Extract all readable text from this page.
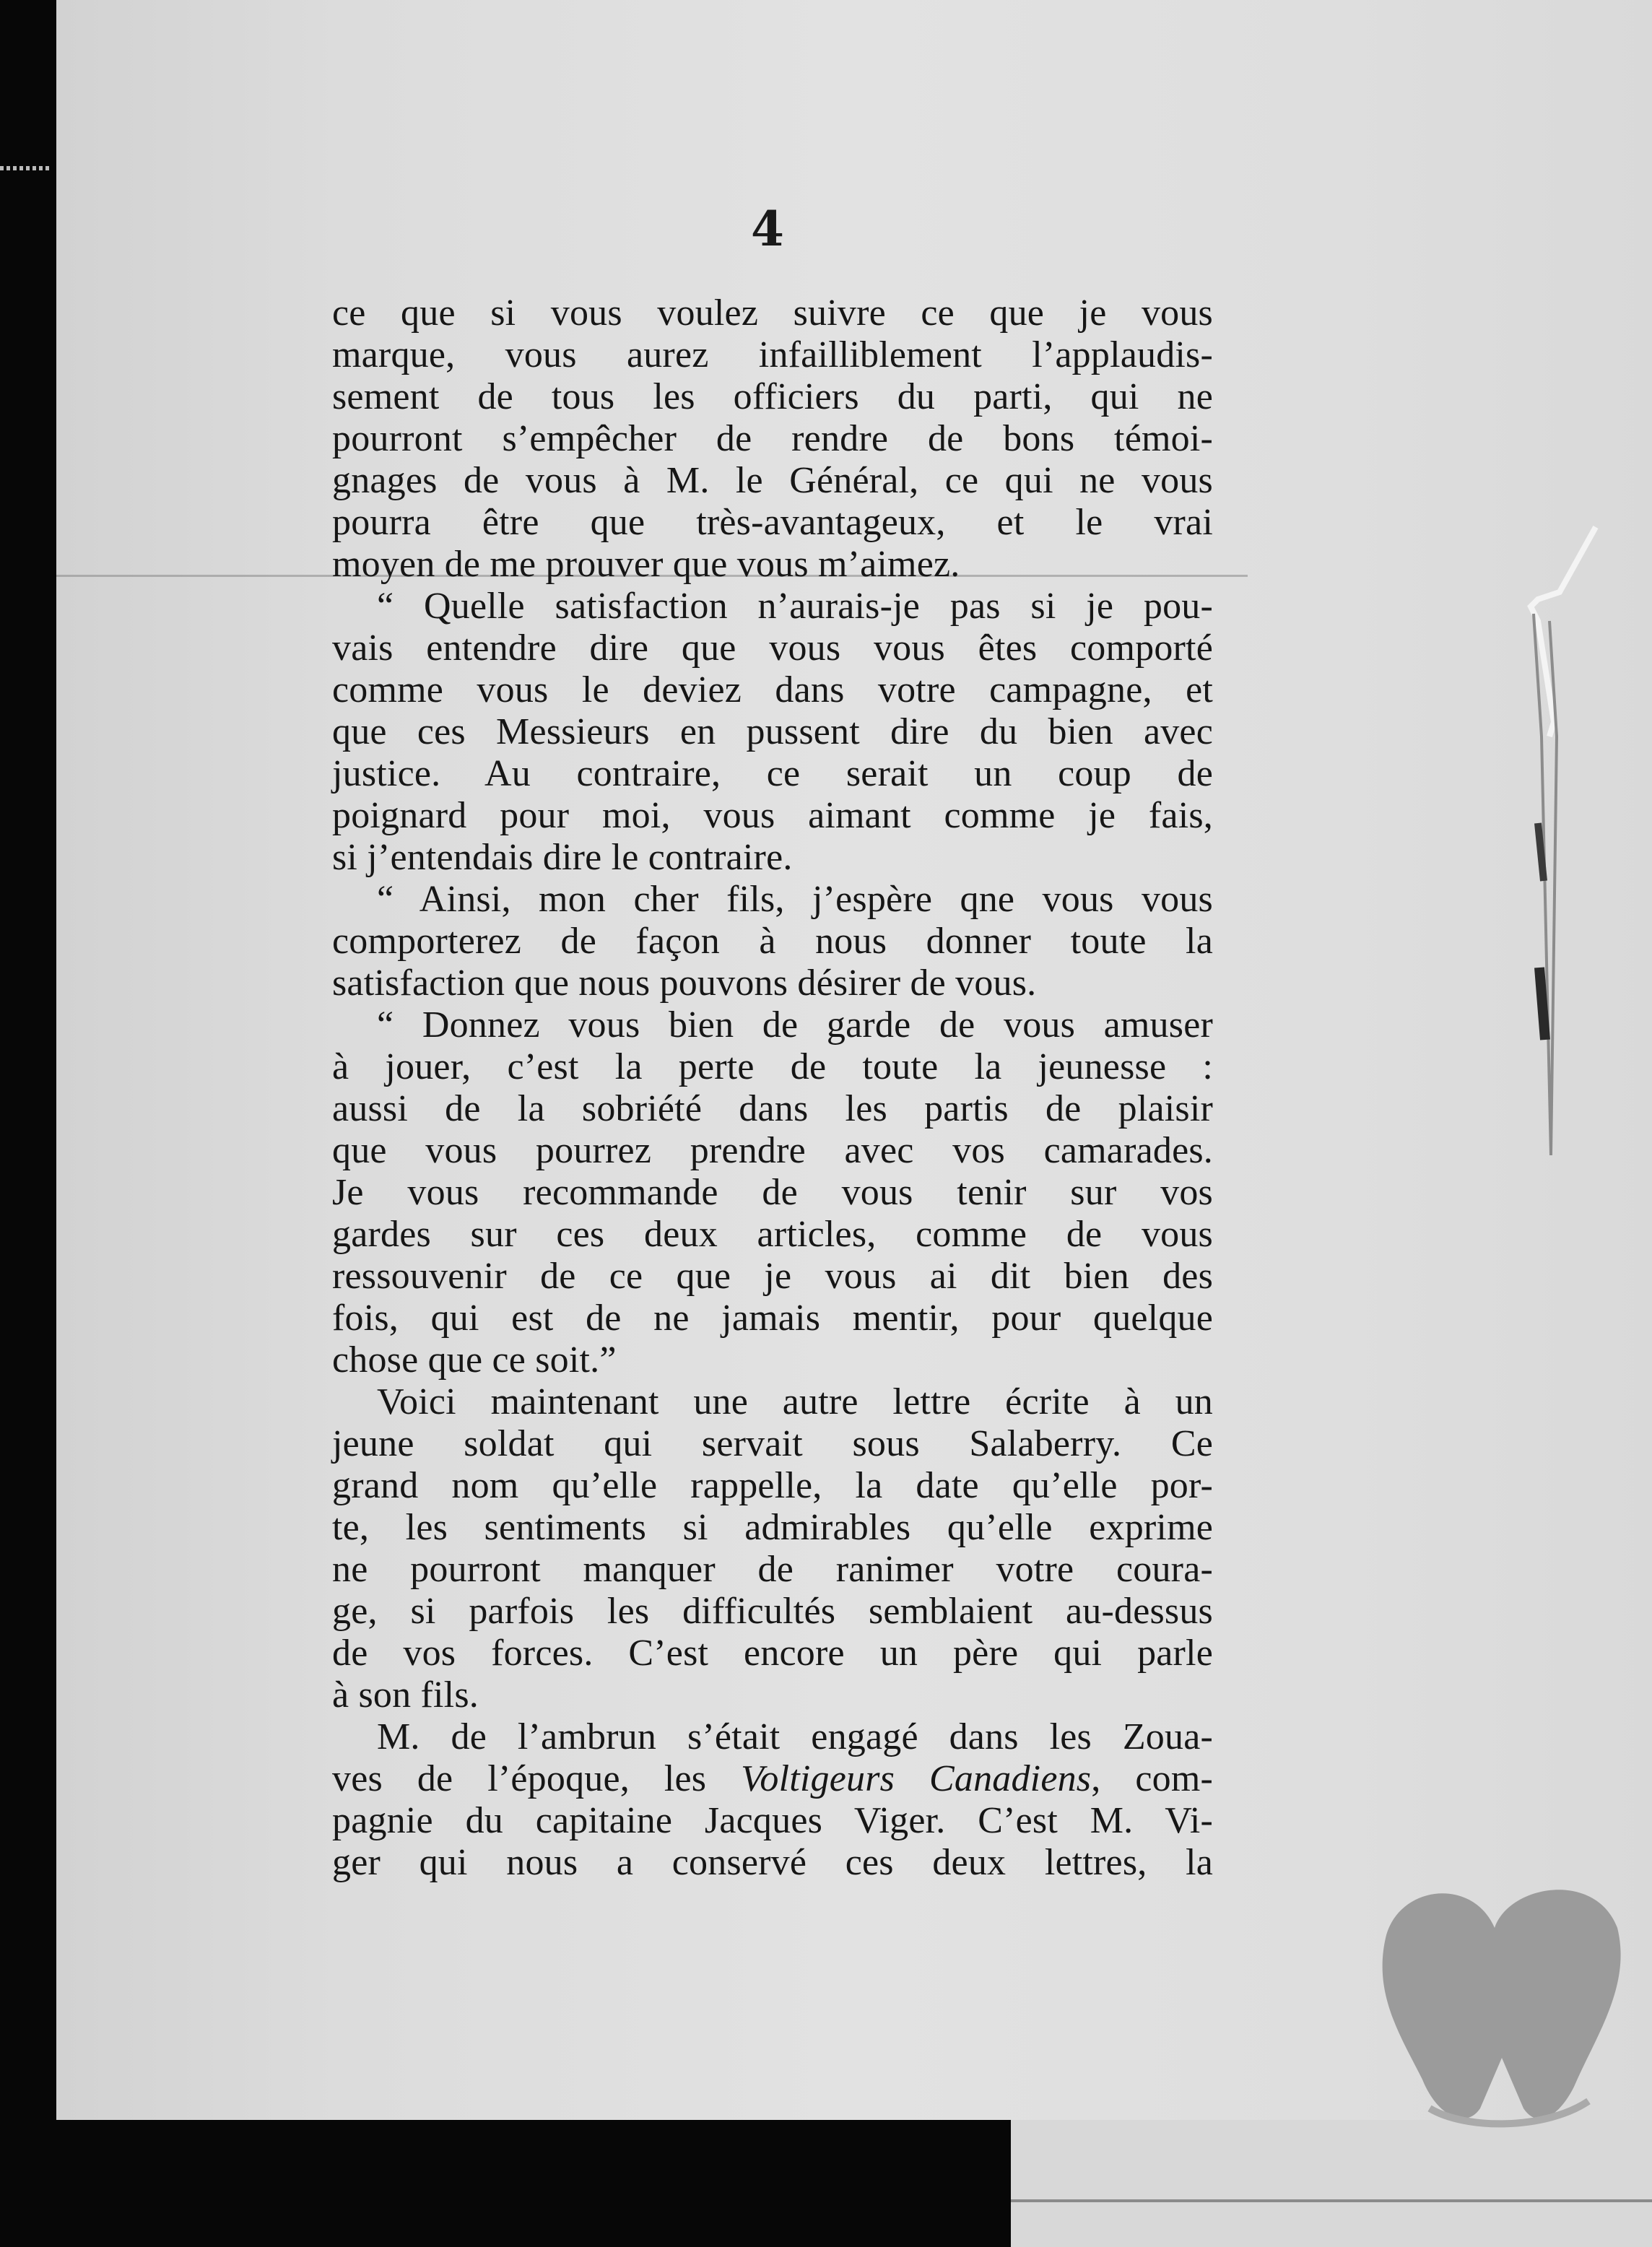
4
ce que si vous voulez suivre ce que je vous
marque, vous aurez infailliblement l’applaudis-
sement de tous les officiers du parti, qui ne
pourront s’empêcher de rendre de bons témoi-
gnages de vous à M. le Général, ce qui ne vous
pourra être que très-avantageux, et le vrai
moyen de me prouver que vous m’aimez.
“ Quelle satisfaction n’aurais-je pas si je pou-
vais entendre dire que vous vous êtes comporté
comme vous le deviez dans votre campagne, et
que ces Messieurs en pussent dire du bien avec
justice. Au contraire, ce serait un coup de
poignard pour moi, vous aimant comme je fais,
si j’entendais dire le contraire.
“ Ainsi, mon cher fils, j’espère qne vous vous
comporterez de façon à nous donner toute la
satisfaction que nous pouvons désirer de vous.
“ Donnez vous bien de garde de vous amuser
à jouer, c’est la perte de toute la jeunesse :
aussi de la sobriété dans les partis de plaisir
que vous pourrez prendre avec vos camarades.
Je vous recommande de vous tenir sur vos
gardes sur ces deux articles, comme de vous
ressouvenir de ce que je vous ai dit bien des
fois, qui est de ne jamais mentir, pour quelque
chose que ce soit.”
Voici maintenant une autre lettre écrite à un
jeune soldat qui servait sous Salaberry. Ce
grand nom qu’elle rappelle, la date qu’elle por-
te, les sentiments si admirables qu’elle exprime
ne pourront manquer de ranimer votre coura-
ge, si parfois les difficultés semblaient au-dessus
de vos forces. C’est encore un père qui parle
à son fils.
M. de l’ambrun s’était engagé dans les Zoua-
ves de l’époque, les Voltigeurs Canadiens, com-
pagnie du capitaine Jacques Viger. C’est M. Vi-
ger qui nous a conservé ces deux lettres, la
